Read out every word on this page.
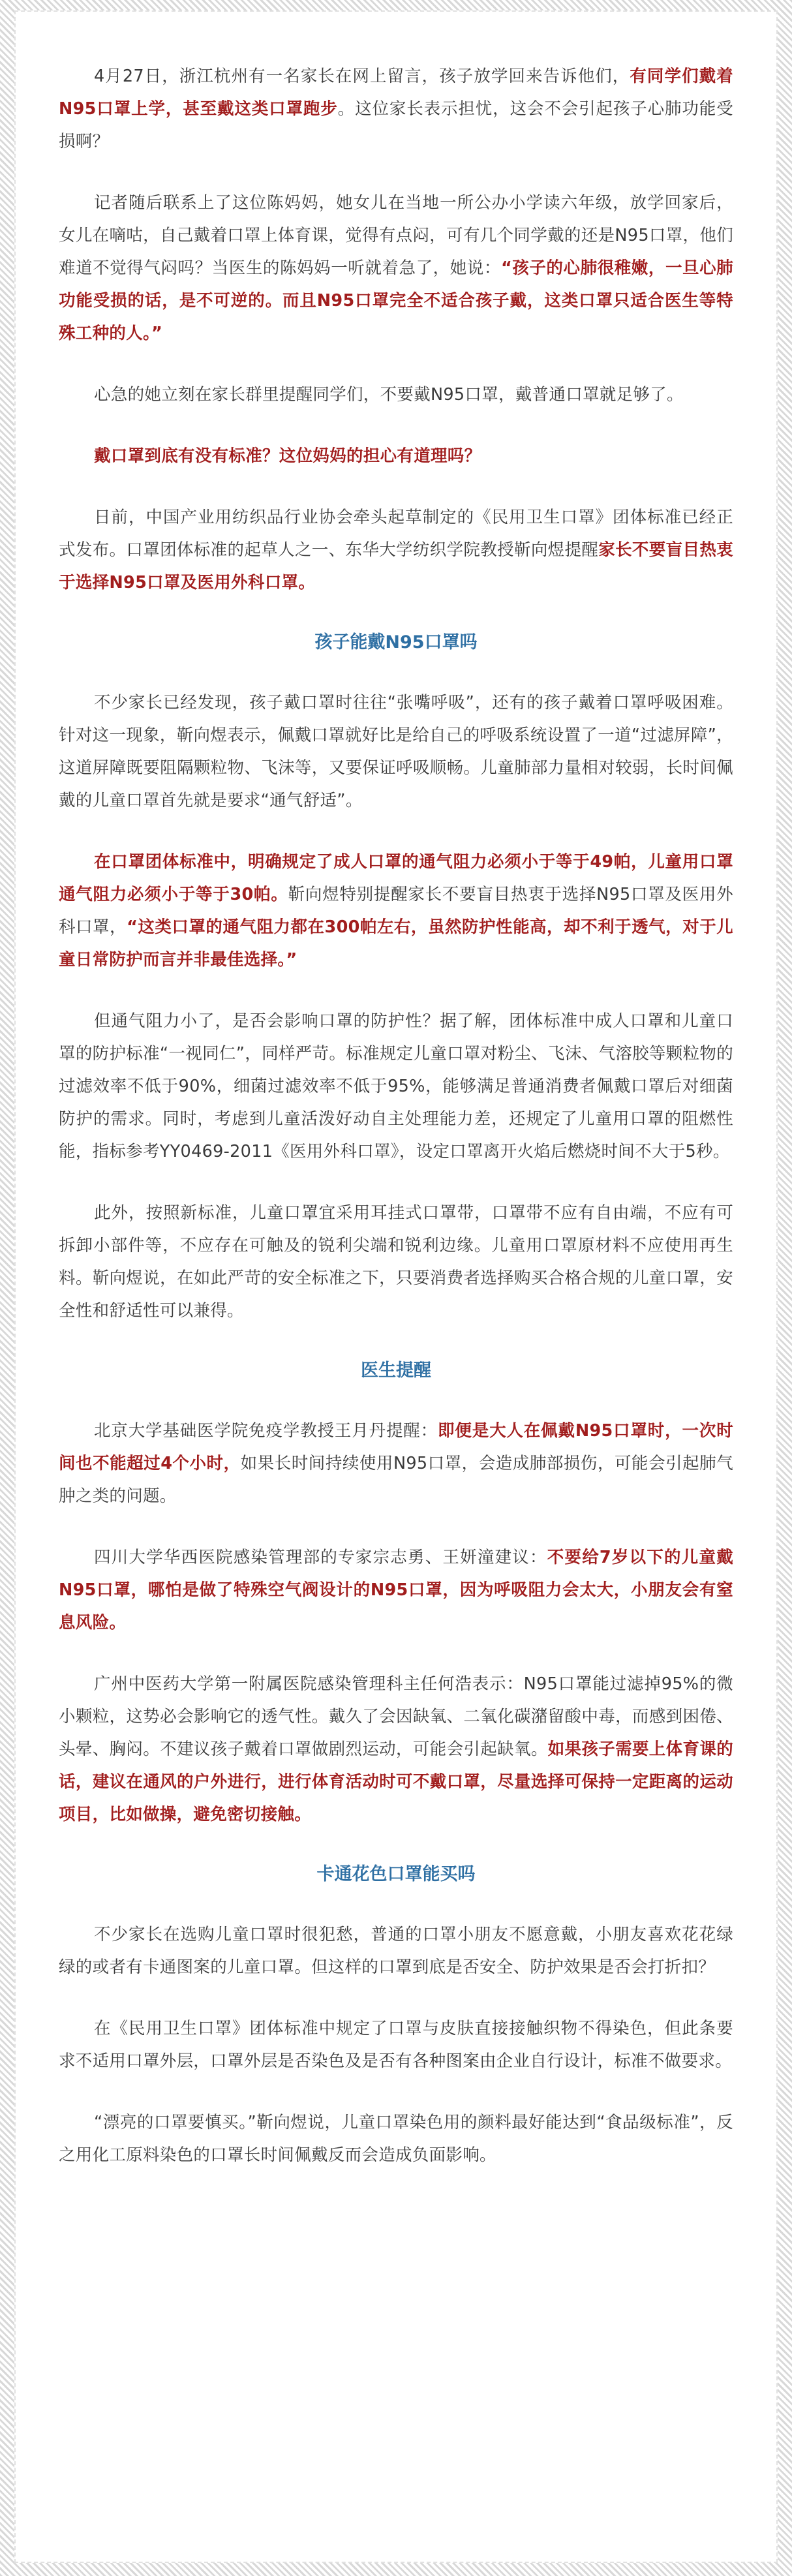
4月27日，浙江杭州有一名家长在网上留言，孩子放学回来告诉他们，有同学们戴着N95口罩上学，甚至戴这类口罩跑步。这位家长表示担忧，这会不会引起孩子心肺功能受损啊？

记者随后联系上了这位陈妈妈，她女儿在当地一所公办小学读六年级，放学回家后，女儿在嘀咕，自己戴着口罩上体育课，觉得有点闷，可有几个同学戴的还是N95口罩，他们难道不觉得气闷吗？当医生的陈妈妈一听就着急了，她说：“孩子的心肺很稚嫩，一旦心肺功能受损的话，是不可逆的。而且N95口罩完全不适合孩子戴，这类口罩只适合医生等特殊工种的人。”

心急的她立刻在家长群里提醒同学们，不要戴N95口罩，戴普通口罩就足够了。

戴口罩到底有没有标准？这位妈妈的担心有道理吗？

日前，中国产业用纺织品行业协会牵头起草制定的《民用卫生口罩》团体标准已经正式发布。口罩团体标准的起草人之一、东华大学纺织学院教授靳向煜提醒家长不要盲目热衷于选择N95口罩及医用外科口罩。

孩子能戴N95口罩吗

不少家长已经发现，孩子戴口罩时往往“张嘴呼吸”，还有的孩子戴着口罩呼吸困难。针对这一现象，靳向煜表示，佩戴口罩就好比是给自己的呼吸系统设置了一道“过滤屏障”，这道屏障既要阻隔颗粒物、飞沫等，又要保证呼吸顺畅。儿童肺部力量相对较弱，长时间佩戴的儿童口罩首先就是要求“通气舒适”。

在口罩团体标准中，明确规定了成人口罩的通气阻力必须小于等于49帕，儿童用口罩通气阻力必须小于等于30帕。靳向煜特别提醒家长不要盲目热衷于选择N95口罩及医用外科口罩，“这类口罩的通气阻力都在300帕左右，虽然防护性能高，却不利于透气，对于儿童日常防护而言并非最佳选择。”

但通气阻力小了，是否会影响口罩的防护性？据了解，团体标准中成人口罩和儿童口罩的防护标准“一视同仁”，同样严苛。标准规定儿童口罩对粉尘、飞沫、气溶胶等颗粒物的过滤效率不低于90%，细菌过滤效率不低于95%，能够满足普通消费者佩戴口罩后对细菌防护的需求。同时，考虑到儿童活泼好动自主处理能力差，还规定了儿童用口罩的阻燃性能，指标参考YY0469-2011《医用外科口罩》，设定口罩离开火焰后燃烧时间不大于5秒。

此外，按照新标准，儿童口罩宜采用耳挂式口罩带，口罩带不应有自由端，不应有可拆卸小部件等，不应存在可触及的锐利尖端和锐利边缘。儿童用口罩原材料不应使用再生料。靳向煜说，在如此严苛的安全标准之下，只要消费者选择购买合格合规的儿童口罩，安全性和舒适性可以兼得。

医生提醒

北京大学基础医学院免疫学教授王月丹提醒：即便是大人在佩戴N95口罩时，一次时间也不能超过4个小时，如果长时间持续使用N95口罩，会造成肺部损伤，可能会引起肺气肿之类的问题。

四川大学华西医院感染管理部的专家宗志勇、王妍潼建议：不要给7岁以下的儿童戴N95口罩，哪怕是做了特殊空气阀设计的N95口罩，因为呼吸阻力会太大，小朋友会有窒息风险。

广州中医药大学第一附属医院感染管理科主任何浩表示：N95口罩能过滤掉95%的微小颗粒，这势必会影响它的透气性。戴久了会因缺氧、二氧化碳潴留酸中毒，而感到困倦、头晕、胸闷。不建议孩子戴着口罩做剧烈运动，可能会引起缺氧。如果孩子需要上体育课的话，建议在通风的户外进行，进行体育活动时可不戴口罩，尽量选择可保持一定距离的运动项目，比如做操，避免密切接触。

卡通花色口罩能买吗

不少家长在选购儿童口罩时很犯愁，普通的口罩小朋友不愿意戴，小朋友喜欢花花绿绿的或者有卡通图案的儿童口罩。但这样的口罩到底是否安全、防护效果是否会打折扣？

在《民用卫生口罩》团体标准中规定了口罩与皮肤直接接触织物不得染色，但此条要求不适用口罩外层，口罩外层是否染色及是否有各种图案由企业自行设计，标准不做要求。

“漂亮的口罩要慎买。”靳向煜说，儿童口罩染色用的颜料最好能达到“食品级标准”，反之用化工原料染色的口罩长时间佩戴反而会造成负面影响。
